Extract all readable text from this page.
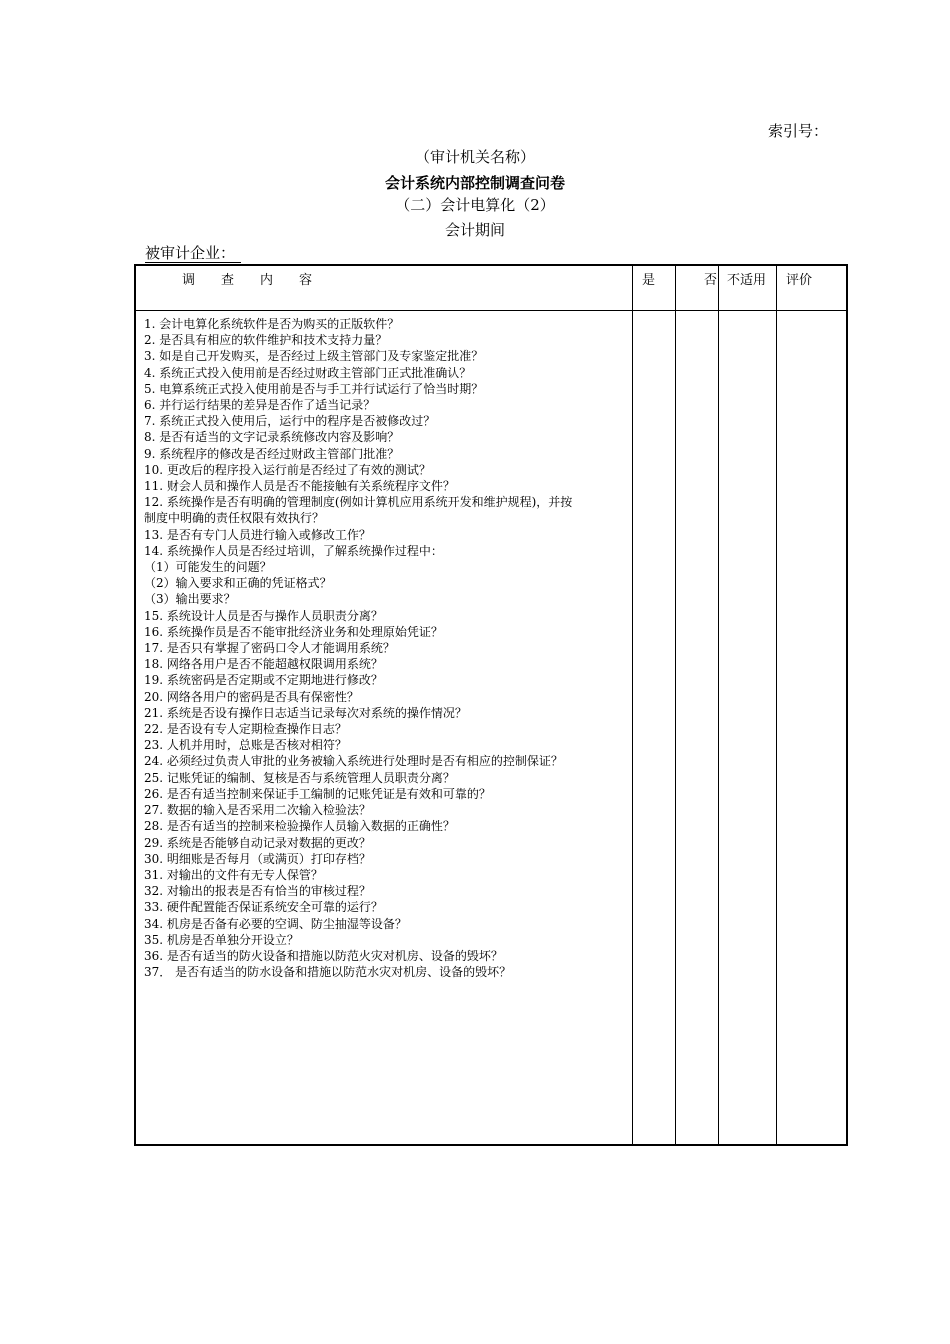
索引号：
（审计机关名称）
会计系统内部控制调查问卷
（二）会计电算化（2）
会计期间
被审计企业：
调　　查　　内　　容	是	否 不适用 评价
1. 会计电算化系统软件是否为购买的正版软件？
2. 是否具有相应的软件维护和技术支持力量？
3. 如是自己开发购买，是否经过上级主管部门及专家鉴定批准？
4. 系统正式投入使用前是否经过财政主管部门正式批准确认？
5. 电算系统正式投入使用前是否与手工并行试运行了恰当时期？
6. 并行运行结果的差异是否作了适当记录？
7. 系统正式投入使用后，运行中的程序是否被修改过？
8. 是否有适当的文字记录系统修改内容及影响？
9. 系统程序的修改是否经过财政主管部门批准？
10. 更改后的程序投入运行前是否经过了有效的测试？
11. 财会人员和操作人员是否不能接触有关系统程序文件？
12. 系统操作是否有明确的管理制度(例如计算机应用系统开发和维护规程)，并按
制度中明确的责任权限有效执行？
13. 是否有专门人员进行输入或修改工作？
14. 系统操作人员是否经过培训，了解系统操作过程中：
（1）可能发生的问题？
（2）输入要求和正确的凭证格式？
（3）输出要求？
15. 系统设计人员是否与操作人员职责分离？
16. 系统操作员是否不能审批经济业务和处理原始凭证？
17. 是否只有掌握了密码口令人才能调用系统？
18. 网络各用户是否不能超越权限调用系统？
19. 系统密码是否定期或不定期地进行修改？
20. 网络各用户的密码是否具有保密性？
21. 系统是否设有操作日志适当记录每次对系统的操作情况？
22. 是否设有专人定期检查操作日志？
23. 人机并用时，总账是否核对相符？
24. 必须经过负责人审批的业务被输入系统进行处理时是否有相应的控制保证？
25. 记账凭证的编制、复核是否与系统管理人员职责分离？
26. 是否有适当控制来保证手工编制的记账凭证是有效和可靠的？
27. 数据的输入是否采用二次输入检验法？
28. 是否有适当的控制来检验操作人员输入数据的正确性？
29. 系统是否能够自动记录对数据的更改？
30. 明细账是否每月（或满页）打印存档？
31. 对输出的文件有无专人保管？
32. 对输出的报表是否有恰当的审核过程？
33. 硬件配置能否保证系统安全可靠的运行？
34. 机房是否备有必要的空调、防尘抽湿等设备？
35. 机房是否单独分开设立？
36. 是否有适当的防火设备和措施以防范火灾对机房、设备的毁坏？
37． 是否有适当的防水设备和措施以防范水灾对机房、设备的毁坏？
